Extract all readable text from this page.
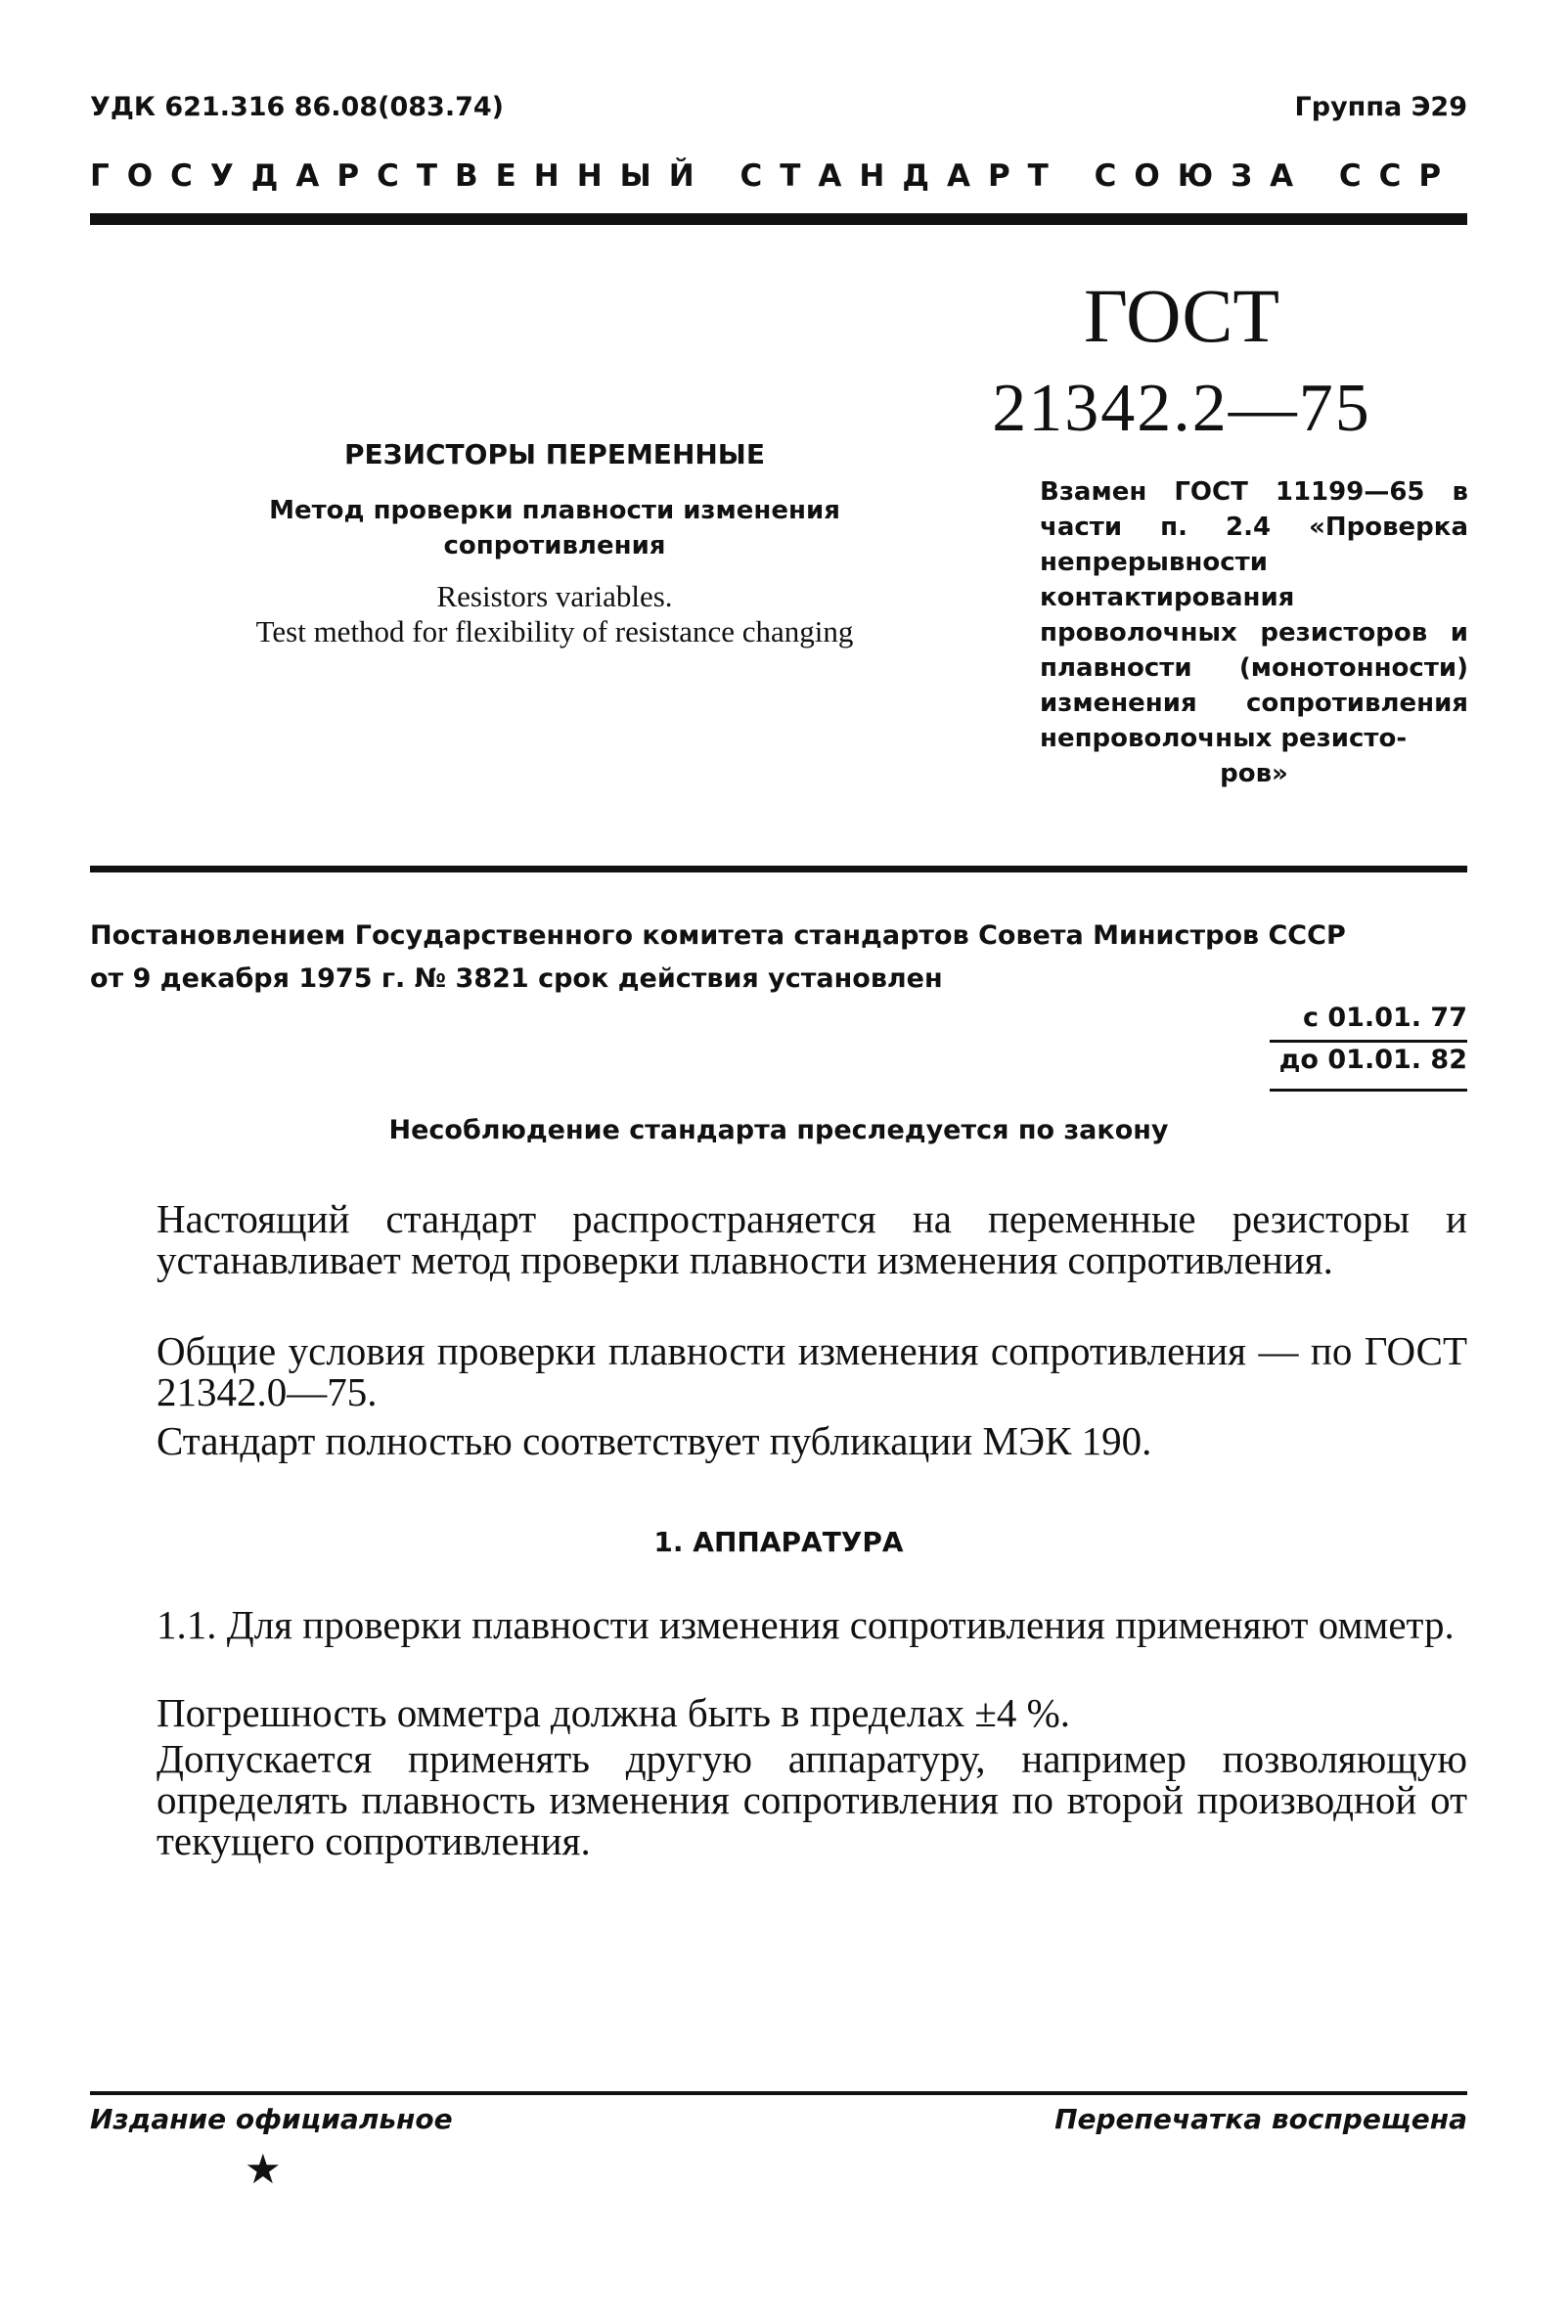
УДК 621.316 86.08(083.74)	Группа Э29
ГОСУДАРСТВЕННЫЙ СТАНДАРТ СОЮЗА ССР
ГОСТ
21342.2—75
РЕЗИСТОРЫ ПЕРЕМЕННЫЕ
Метод проверки плавности изменения
сопротивления
Resistors variables.
Test method for flexibility of resistance changing
Взамен ГОСТ 11199—65 в части п. 2.4 «Проверка непрерывности контактирования проволочных резисторов и плавности (монотонности) изменения сопротивления непроволочных резисто-
ров»
Постановлением Государственного комитета стандартов Совета Министров СССР
от 9 декабря 1975 г. № 3821 срок действия установлен
с 01.01. 77
до 01.01. 82
Несоблюдение стандарта преследуется по закону
Настоящий стандарт распространяется на переменные резисторы и устанавливает метод проверки плавности изменения сопротивления.
Общие условия проверки плавности изменения сопротивления — по ГОСТ 21342.0—75.
Стандарт полностью соответствует публикации МЭК 190.
1. АППАРАТУРА
1.1. Для проверки плавности изменения сопротивления применяют омметр.
Погрешность омметра должна быть в пределах ±4 %.
Допускается применять другую аппаратуру, например позволяющую определять плавность изменения сопротивления по второй производной от текущего сопротивления.
Издание официальное	Перепечатка воспрещена
★
